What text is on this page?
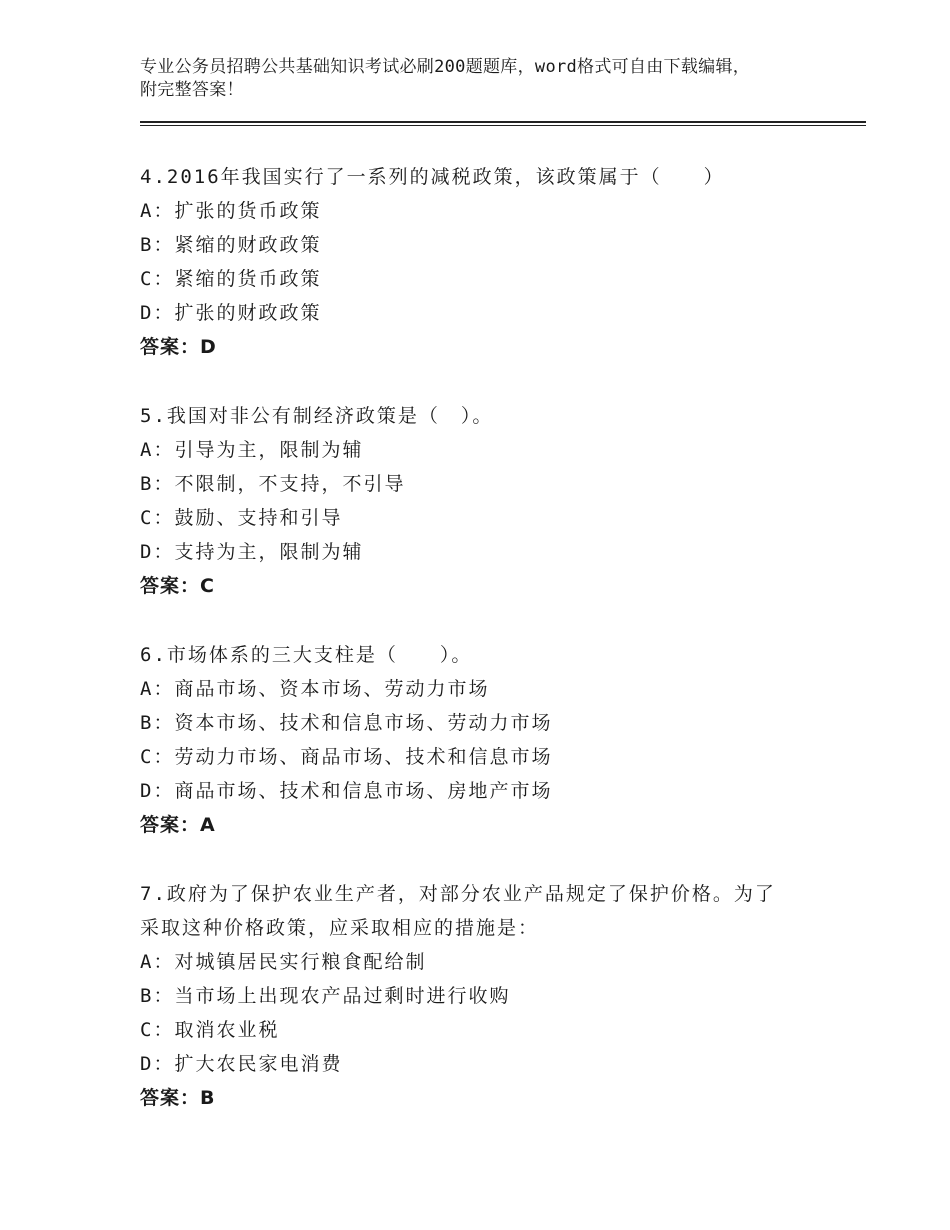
专业公务员招聘公共基础知识考试必刷200题题库，word格式可自由下载编辑，
附完整答案！
4.2016年我国实行了一系列的减税政策，该政策属于（　　）
A：扩张的货币政策
B：紧缩的财政政策
C：紧缩的货币政策
D：扩张的财政政策
答案：D
5.我国对非公有制经济政策是（　）。
A：引导为主，限制为辅
B：不限制，不支持，不引导
C：鼓励、支持和引导
D：支持为主，限制为辅
答案：C
6.市场体系的三大支柱是（　　）。
A：商品市场、资本市场、劳动力市场
B：资本市场、技术和信息市场、劳动力市场
C：劳动力市场、商品市场、技术和信息市场
D：商品市场、技术和信息市场、房地产市场
答案：A
7.政府为了保护农业生产者，对部分农业产品规定了保护价格。为了
采取这种价格政策，应采取相应的措施是：
A：对城镇居民实行粮食配给制
B：当市场上出现农产品过剩时进行收购
C：取消农业税
D：扩大农民家电消费
答案：B
